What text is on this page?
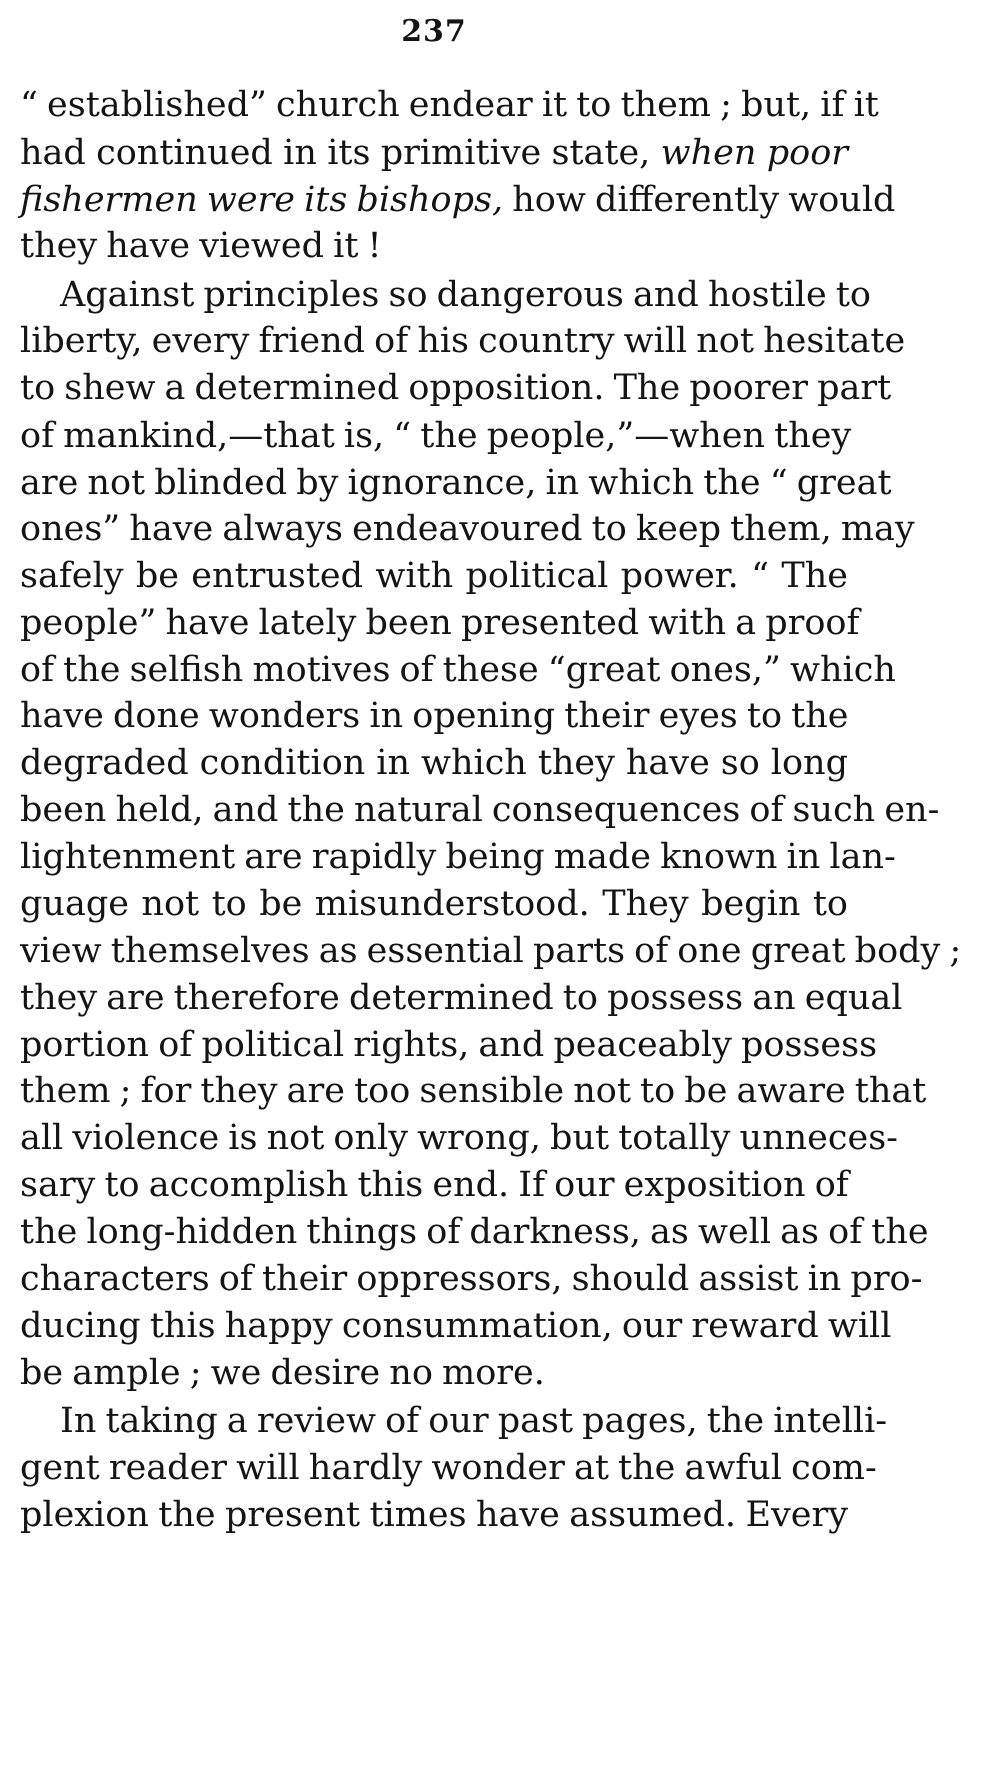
237
“ established” church endear it to them ; but, if it
had continued in its primitive state, when poor
fishermen were its bishops, how differently would
they have viewed it !
Against principles so dangerous and hostile to
liberty, every friend of his country will not hesitate
to shew a determined opposition. The poorer part
of mankind,—that is, “ the people,”—when they
are not blinded by ignorance, in which the “ great
ones” have always endeavoured to keep them, may
safely be entrusted with political power. “ The
people” have lately been presented with a proof
of the selfish motives of these “great ones,” which
have done wonders in opening their eyes to the
degraded condition in which they have so long
been held, and the natural consequences of such en-
lightenment are rapidly being made known in lan-
guage not to be misunderstood. They begin to
view themselves as essential parts of one great body ;
they are therefore determined to possess an equal
portion of political rights, and peaceably possess
them ; for they are too sensible not to be aware that
all violence is not only wrong, but totally unneces-
sary to accomplish this end. If our exposition of
the long-hidden things of darkness, as well as of the
characters of their oppressors, should assist in pro-
ducing this happy consummation, our reward will
be ample ; we desire no more.
In taking a review of our past pages, the intelli-
gent reader will hardly wonder at the awful com-
plexion the present times have assumed. Every
